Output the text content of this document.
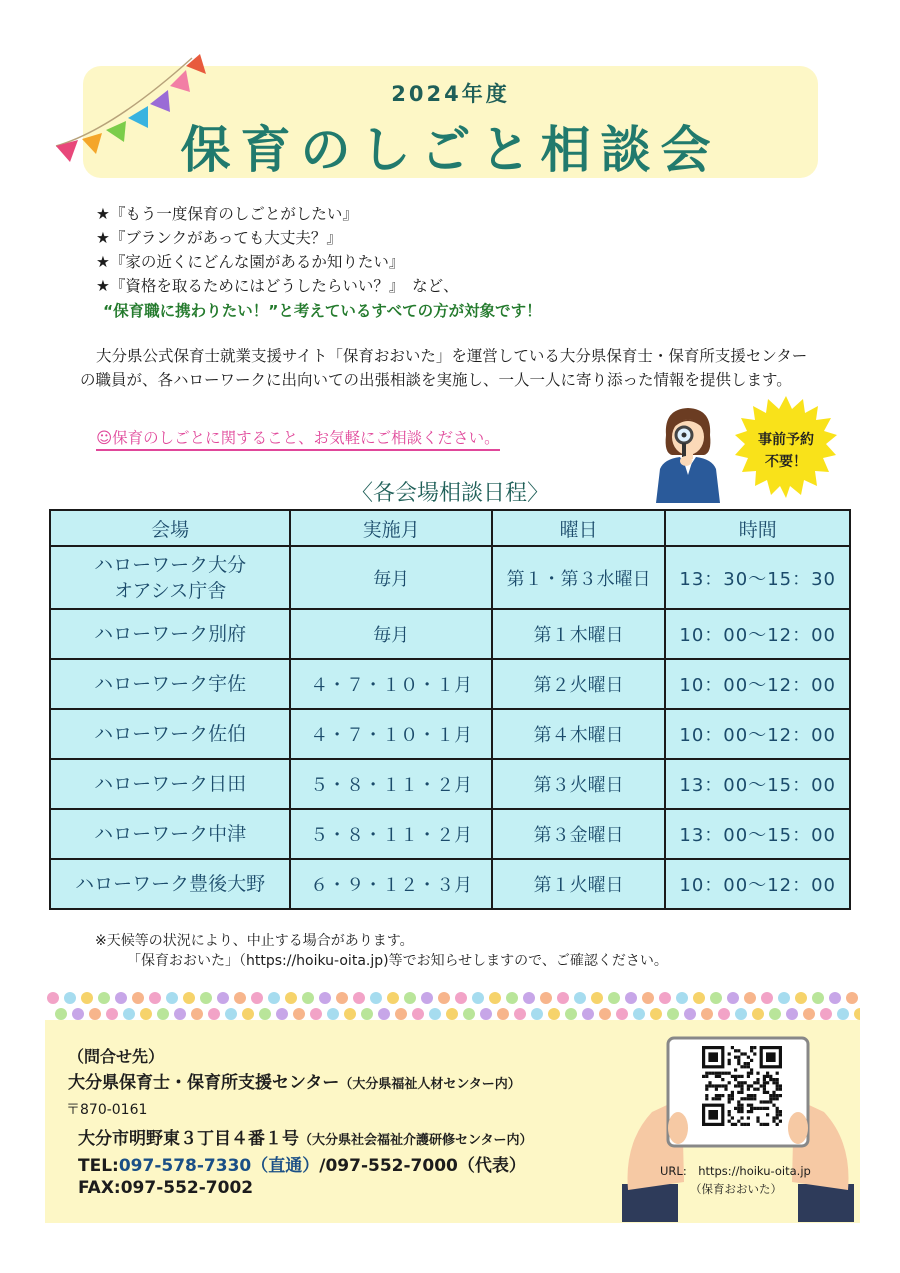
2024年度
保育のしごと相談会
★『もう一度保育のしごとがしたい』
★『ブランクがあっても大丈夫？』
★『家の近くにどんな園があるか知りたい』
★『資格を取るためにはどうしたらいい？』　など、
“保育職に携わりたい！”と考えているすべての方が対象です！
大分県公式保育士就業支援サイト「保育おおいた」を運営している大分県保育士・保育所支援センターの職員が、各ハローワークに出向いての出張相談を実施し、一人一人に寄り添った情報を提供します。
☺保育のしごとに関すること、お気軽にご相談ください。	事前予約
不要！
〈各会場相談日程〉
会場	実施月	曜日	時間

ハローワーク大分
オアシス庁舎	毎月	第１・第３水曜日	13：30～15：30
ハローワーク別府	毎月	第１木曜日	10：00～12：00
ハローワーク宇佐	４・７・１０・１月	第２火曜日	10：00～12：00
ハローワーク佐伯	４・７・１０・１月	第４木曜日	10：00～12：00
ハローワーク日田	５・８・１１・２月	第３火曜日	13：00～15：00
ハローワーク中津	５・８・１１・２月	第３金曜日	13：00～15：00
ハローワーク豊後大野	６・９・１２・３月	第１火曜日	10：00～12：00
※天候等の状況により、中止する場合があります。
「保育おおいた」（https://hoiku-oita.jp)等でお知らせしますので、ご確認ください。
（問合せ先）
大分県保育士・保育所支援センター（大分県福祉人材センター内）
〒870-0161
大分市明野東３丁目４番１号（大分県社会福祉介護研修センター内）
TEL:097-578-7330（直通）/097-552-7000（代表）
FAX:097-552-7002
URL:　https://hoiku-oita.jp
（保育おおいた）
